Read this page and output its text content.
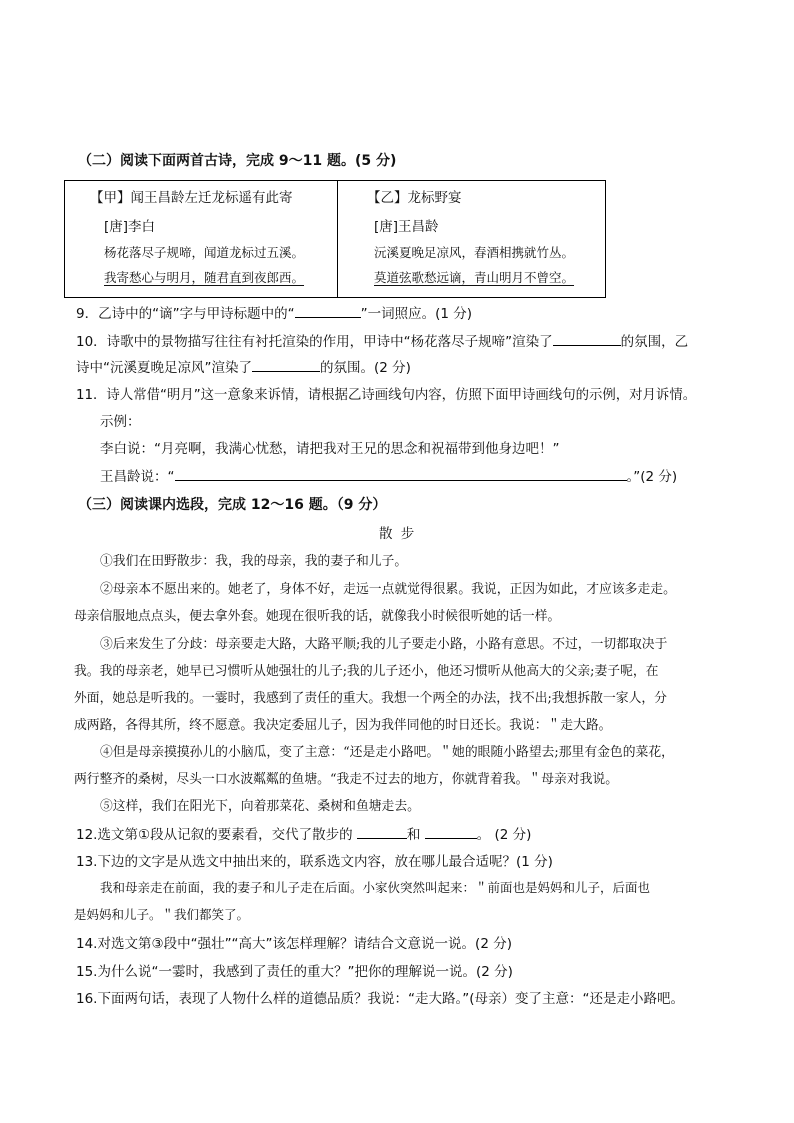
（二）阅读下面两首古诗，完成 9～11 题。(5 分)
【甲】闻王昌龄左迁龙标遥有此寄
[唐]李白
杨花落尽子规啼，闻道龙标过五溪。
我寄愁心与明月，随君直到夜郎西。
【乙】龙标野宴
[唐]王昌龄
沅溪夏晚足凉风，春酒相携就竹丛。
莫道弦歌愁远谪，青山明月不曾空。
9．乙诗中的“谪”字与甲诗标题中的“	”一词照应。(1 分)
10．诗歌中的景物描写往往有衬托渲染的作用，甲诗中“杨花落尽子规啼”渲染了	的氛围，乙
诗中“沅溪夏晚足凉风”渲染了	的氛围。(2 分)
11．诗人常借“明月”这一意象来诉情，请根据乙诗画线句内容，仿照下面甲诗画线句的示例，对月诉情。
示例：
李白说：“月亮啊，我满心忧愁，请把我对王兄的思念和祝福带到他身边吧！”
王昌龄说：“	。”(2 分)
（三）阅读课内选段，完成 12～16 题。（9 分）
散 步
①我们在田野散步：我，我的母亲，我的妻子和儿子。
②母亲本不愿出来的。她老了，身体不好，走远一点就觉得很累。我说，正因为如此，才应该多走走。
母亲信服地点点头，便去拿外套。她现在很听我的话，就像我小时候很听她的话一样。
③后来发生了分歧：母亲要走大路，大路平顺;我的儿子要走小路，小路有意思。不过，一切都取决于
我。我的母亲老，她早已习惯听从她强壮的儿子;我的儿子还小，他还习惯听从他高大的父亲;妻子呢，在
外面，她总是听我的。一霎时，我感到了责任的重大。我想一个两全的办法，找不出;我想拆散一家人，分
成两路，各得其所，终不愿意。我决定委屈儿子，因为我伴同他的时日还长。我说：＂走大路。
④但是母亲摸摸孙儿的小脑瓜，变了主意：“还是走小路吧。＂她的眼随小路望去;那里有金色的菜花，
两行整齐的桑树，尽头一口水波粼粼的鱼塘。“我走不过去的地方，你就背着我。＂母亲对我说。
⑤这样，我们在阳光下，向着那菜花、桑树和鱼塘走去。
12.选文第①段从记叙的要素看，交代了散步的	和	。 (2 分)
13.下边的文字是从选文中抽出来的，联系选文内容，放在哪儿最合适呢？(1 分)
我和母亲走在前面，我的妻子和儿子走在后面。小家伙突然叫起来：＂前面也是妈妈和儿子，后面也
是妈妈和儿子。＂我们都笑了。
14.对选文第③段中“强壮”“高大”该怎样理解？请结合文意说一说。(2 分)
15.为什么说“一霎时，我感到了责任的重大？”把你的理解说一说。(2 分)
16.下面两句话，表现了人物什么样的道德品质？我说：“走大路。”(母亲）变了主意：“还是走小路吧。
